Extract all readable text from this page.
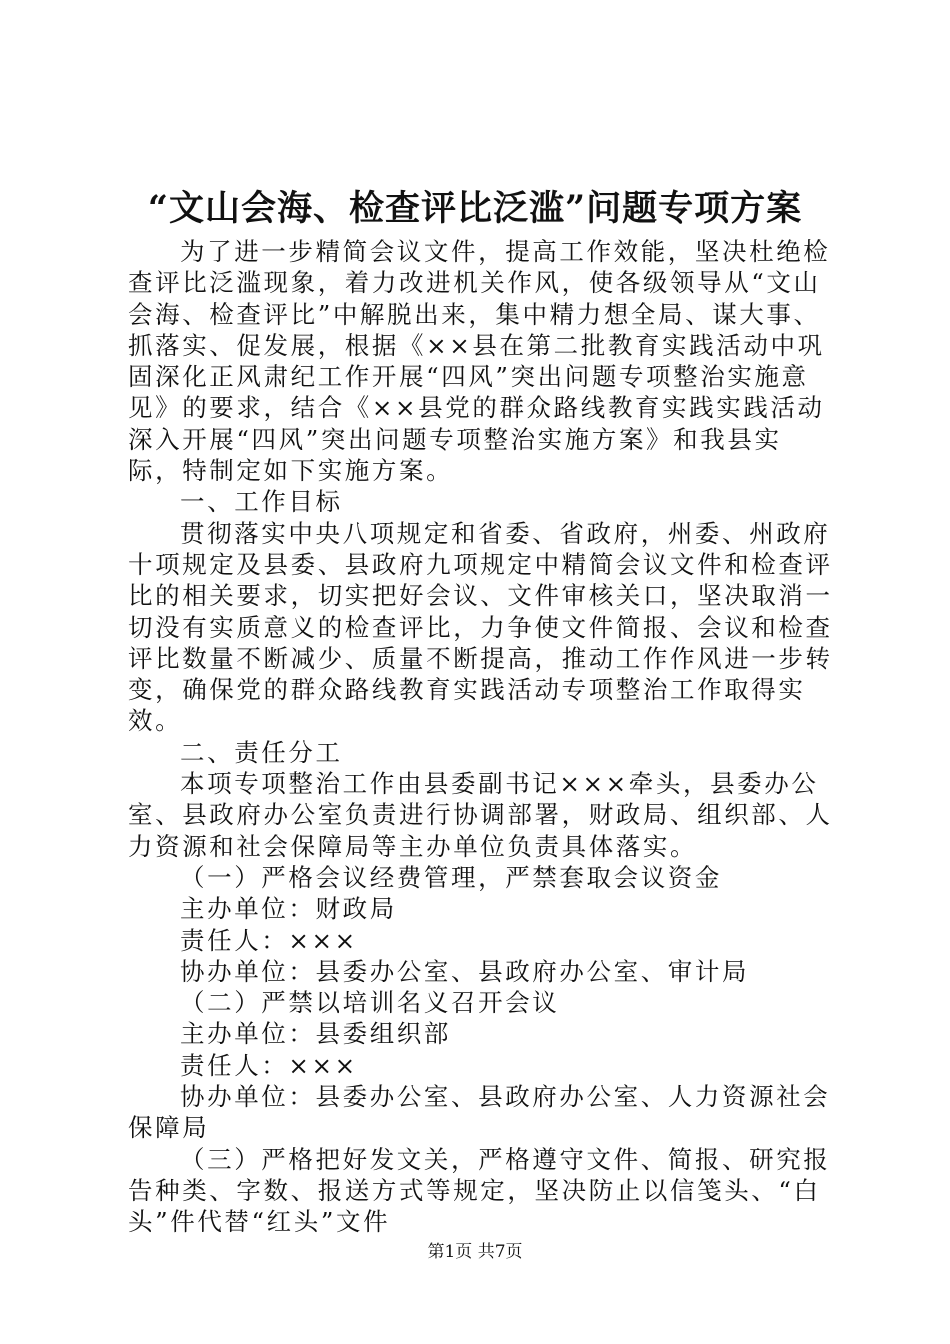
“文山会海、检查评比泛滥”问题专项方案

为了进一步精简会议文件，提高工作效能，坚决杜绝检查评比泛滥现象，着力改进机关作风，使各级领导从“文山会海、检查评比”中解脱出来，集中精力想全局、谋大事、抓落实、促发展，根据《××县在第二批教育实践活动中巩固深化正风肃纪工作开展“四风”突出问题专项整治实施意见》的要求，结合《××县党的群众路线教育实践实践活动深入开展“四风”突出问题专项整治实施方案》和我县实际，特制定如下实施方案。

一、工作目标

贯彻落实中央八项规定和省委、省政府，州委、州政府十项规定及县委、县政府九项规定中精简会议文件和检查评比的相关要求，切实把好会议、文件审核关口，坚决取消一切没有实质意义的检查评比，力争使文件简报、会议和检查评比数量不断减少、质量不断提高，推动工作作风进一步转变，确保党的群众路线教育实践活动专项整治工作取得实效。

二、责任分工

本项专项整治工作由县委副书记×××牵头，县委办公室、县政府办公室负责进行协调部署，财政局、组织部、人力资源和社会保障局等主办单位负责具体落实。

（一）严格会议经费管理，严禁套取会议资金

主办单位：财政局

责任人：×××

协办单位：县委办公室、县政府办公室、审计局

（二）严禁以培训名义召开会议

主办单位：县委组织部

责任人：×××

协办单位：县委办公室、县政府办公室、人力资源社会保障局

（三）严格把好发文关，严格遵守文件、简报、研究报告种类、字数、报送方式等规定，坚决防止以信笺头、“白头”件代替“红头”文件

第1页 共7页
